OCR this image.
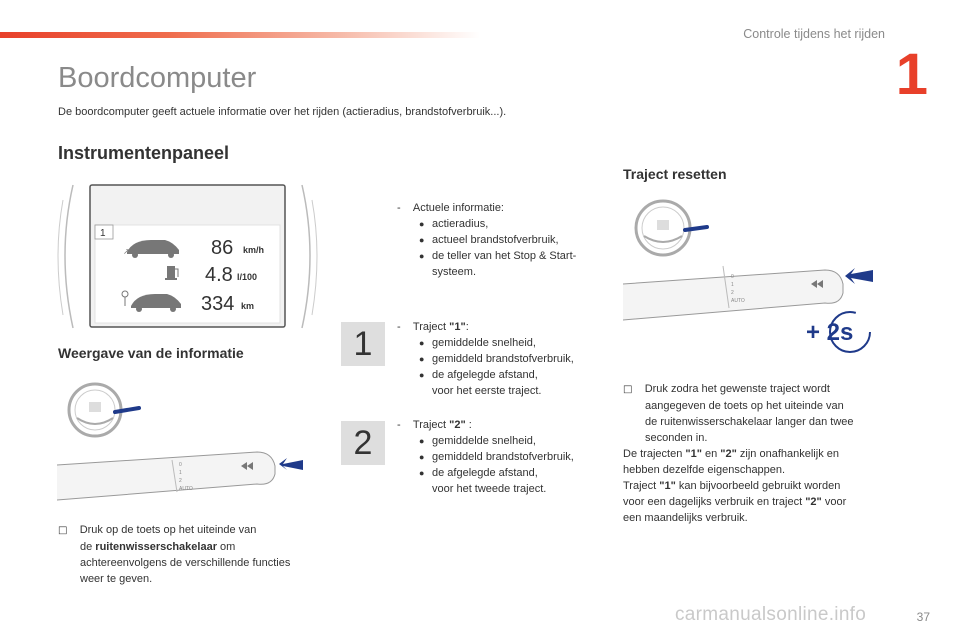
Controle tijdens het rijden
1
Boordcomputer
De boordcomputer geeft actuele informatie over het rijden (actieradius, brandstofverbruik...).
Instrumentenpaneel
1
↗	86 km/h
4.8 l/100
334 km
Weergave van de informatie
0
1
2
AUTO
□ Druk op de toets op het uiteinde van
de ruitenwisserschakelaar om
achtereenvolgens de verschillende functies
weer te geven.
-    Actuele informatie:
● actieradius,
● actueel brandstofverbruik,
● de teller van het Stop & Start-
systeem.
1	-    Traject "1":
● gemiddelde snelheid,
● gemiddeld brandstofverbruik,
● de afgelegde afstand,
voor het eerste traject.
2	-    Traject "2" :
● gemiddelde snelheid,
● gemiddeld brandstofverbruik,
● de afgelegde afstand,
voor het tweede traject.
Traject resetten
0
1
2
AUTO
+ 2s
□ Druk zodra het gewenste traject wordt
aangegeven de toets op het uiteinde van
de ruitenwisserschakelaar langer dan twee
seconden in.
De trajecten "1" en "2" zijn onafhankelijk en
hebben dezelfde eigenschappen.
Traject "1" kan bijvoorbeeld gebruikt worden
voor een dagelijks verbruik en traject "2" voor
een maandelijks verbruik.
carmanualsonline.info	37
